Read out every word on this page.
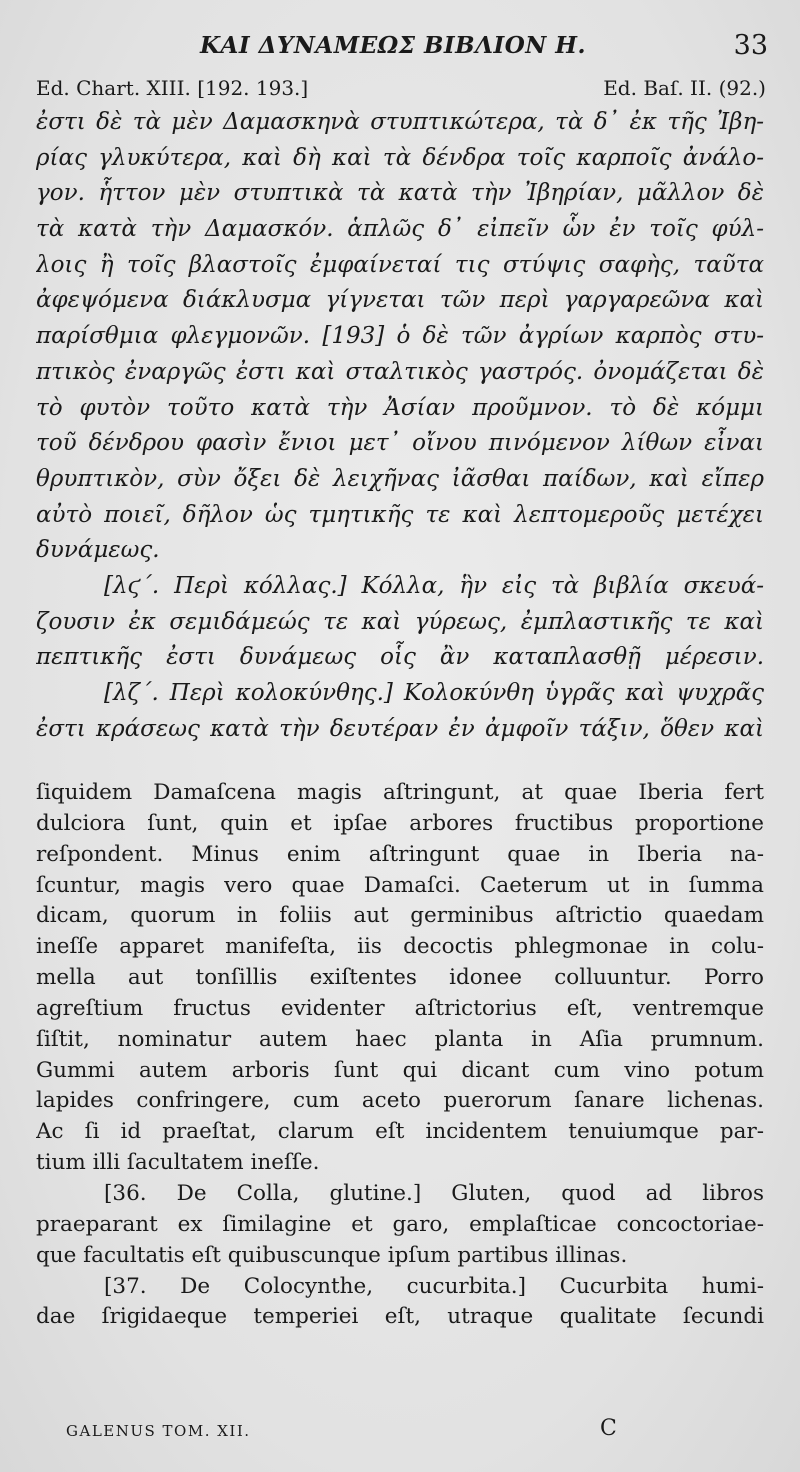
ΚΑΙ ΔΥΝΑΜΕΩΣ ΒΙΒΛΙΟΝ Η.	33
Ed. Chart. XIII. [192. 193.]	Ed. Baſ. II. (92.)
ἐστι δὲ τὰ μὲν Δαμασκηνὰ στυπτικώτερα, τὰ δ᾽ ἐκ τῆς Ἰβη-
ρίας γλυκύτερα, καὶ δὴ καὶ τὰ δένδρα τοῖς καρποῖς ἀνάλο-
γον. ἧττον μὲν στυπτικὰ τὰ κατὰ τὴν Ἰβηρίαν, μᾶλλον δὲ
τὰ κατὰ τὴν Δαμασκόν. ἁπλῶς δ᾽ εἰπεῖν ὧν ἐν τοῖς φύλ-
λοις ἢ τοῖς βλαστοῖς ἐμφαίνεταί τις στύψις σαφὴς, ταῦτα
ἀφεψόμενα διάκλυσμα γίγνεται τῶν περὶ γαργαρεῶνα καὶ
παρίσθμια φλεγμονῶν. [193] ὁ δὲ τῶν ἀγρίων καρπὸς στυ-
πτικὸς ἐναργῶς ἐστι καὶ σταλτικὸς γαστρός. ὀνομάζεται δὲ
τὸ φυτὸν τοῦτο κατὰ τὴν Ἀσίαν προῦμνον. τὸ δὲ κόμμι
τοῦ δένδρου φασὶν ἔνιοι μετ᾽ οἴνου πινόμενον λίθων εἶναι
θρυπτικὸν, σὺν ὄξει δὲ λειχῆνας ἰᾶσθαι παίδων, καὶ εἴπερ
αὐτὸ ποιεῖ, δῆλον ὡς τμητικῆς τε καὶ λεπτομεροῦς μετέχει
δυνάμεως.
[λϛ΄. Περὶ κόλλας.] Κόλλα, ἣν εἰς τὰ βιβλία σκευά-
ζουσιν ἐκ σεμιδάμεώς τε καὶ γύρεως, ἐμπλαστικῆς τε καὶ
πεπτικῆς ἐστι δυνάμεως οἷς ἂν καταπλασθῇ μέρεσιν.
[λζ΄. Περὶ κολοκύνθης.] Κολοκύνθη ὑγρᾶς καὶ ψυχρᾶς
ἐστι κράσεως κατὰ τὴν δευτέραν ἐν ἀμφοῖν τάξιν, ὅθεν καὶ
ſiquidem Damaſcena magis aſtringunt, at quae Iberia fert
dulciora ſunt, quin et ipſae arbores fructibus proportione
reſpondent. Minus enim aſtringunt quae in Iberia na-
ſcuntur, magis vero quae Damaſci. Caeterum ut in ſumma
dicam, quorum in foliis aut germinibus aſtrictio quaedam
ineſſe apparet manifeſta, iis decoctis phlegmonae in colu-
mella aut tonſillis exiſtentes idonee colluuntur. Porro
agreſtium fructus evidenter aſtrictorius eſt, ventremque
ſiſtit, nominatur autem haec planta in Aſia prumnum.
Gummi autem arboris ſunt qui dicant cum vino potum
lapides confringere, cum aceto puerorum ſanare lichenas.
Ac ſi id praeſtat, clarum eſt incidentem tenuiumque par-
tium illi ſacultatem ineſſe.
[36. De Colla, glutine.] Gluten, quod ad libros
praeparant ex ſimilagine et garo, emplaſticae concoctoriae-
que facultatis eſt quibuscunque ipſum partibus illinas.
[37. De Colocynthe, cucurbita.] Cucurbita humi-
dae ſrigidaeque temperiei eſt, utraque qualitate ſecundi
GALENUS TOM. XII.	C
